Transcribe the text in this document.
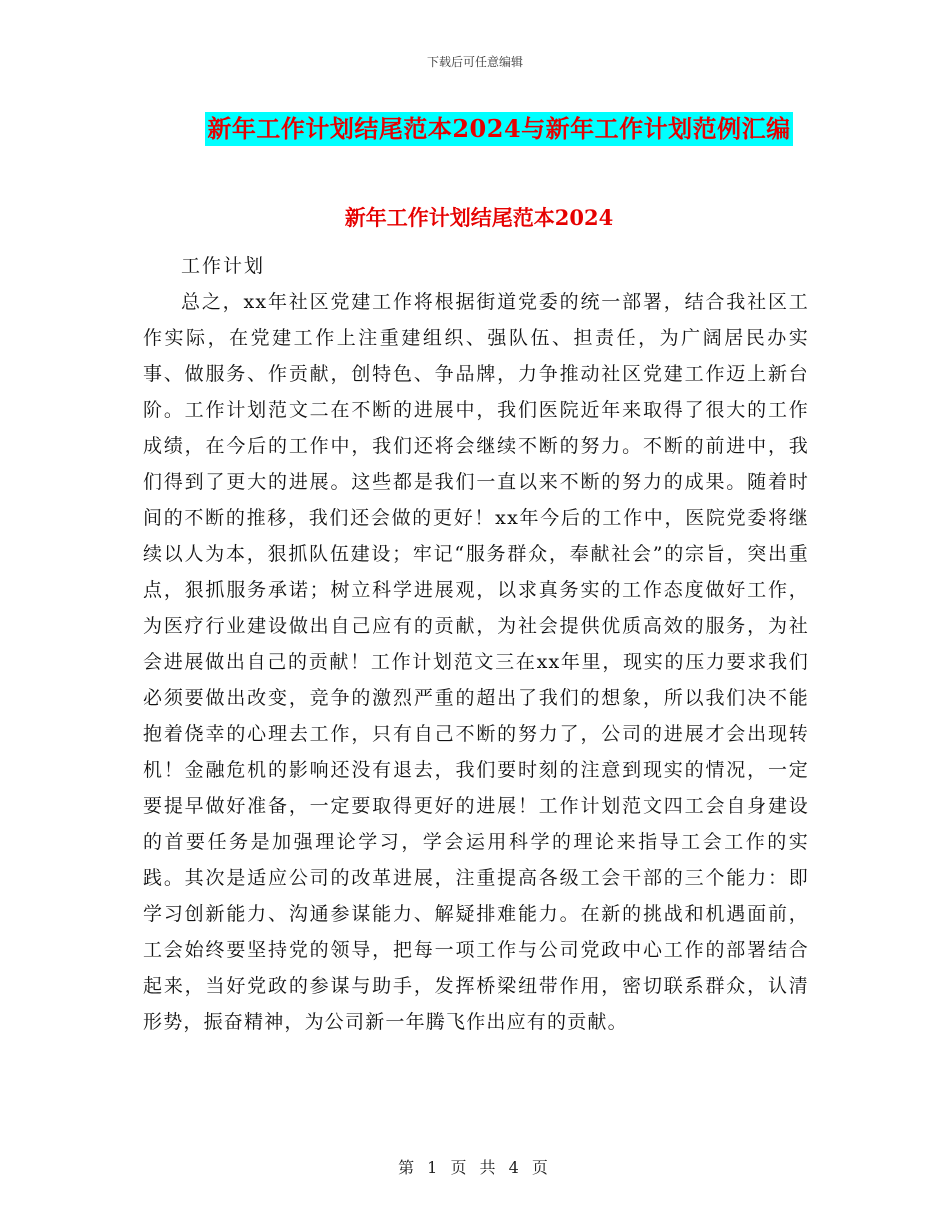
下载后可任意编辑
新年工作计划结尾范本2024与新年工作计划范例汇编
新年工作计划结尾范本2024

工作计划

总之，xx年社区党建工作将根据街道党委的统一部署，结合我社区工作实际，在党建工作上注重建组织、强队伍、担责任，为广阔居民办实事、做服务、作贡献，创特色、争品牌，力争推动社区党建工作迈上新台阶。工作计划范文二在不断的进展中，我们医院近年来取得了很大的工作成绩，在今后的工作中，我们还将会继续不断的努力。不断的前进中，我们得到了更大的进展。这些都是我们一直以来不断的努力的成果。随着时间的不断的推移，我们还会做的更好！xx年今后的工作中，医院党委将继续以人为本，狠抓队伍建设；牢记“服务群众，奉献社会”的宗旨，突出重点，狠抓服务承诺；树立科学进展观，以求真务实的工作态度做好工作，为医疗行业建设做出自己应有的贡献，为社会提供优质高效的服务，为社会进展做出自己的贡献！工作计划范文三在xx年里，现实的压力要求我们必须要做出改变，竞争的激烈严重的超出了我们的想象，所以我们决不能抱着侥幸的心理去工作，只有自己不断的努力了，公司的进展才会出现转机！金融危机的影响还没有退去，我们要时刻的注意到现实的情况，一定要提早做好准备，一定要取得更好的进展！工作计划范文四工会自身建设的首要任务是加强理论学习，学会运用科学的理论来指导工会工作的实践。其次是适应公司的改革进展，注重提高各级工会干部的三个能力：即学习创新能力、沟通参谋能力、解疑排难能力。在新的挑战和机遇面前，工会始终要坚持党的领导，把每一项工作与公司党政中心工作的部署结合起来，当好党政的参谋与助手，发挥桥梁纽带作用，密切联系群众，认清形势，振奋精神，为公司新一年腾飞作出应有的贡献。

第 1 页 共 4 页
